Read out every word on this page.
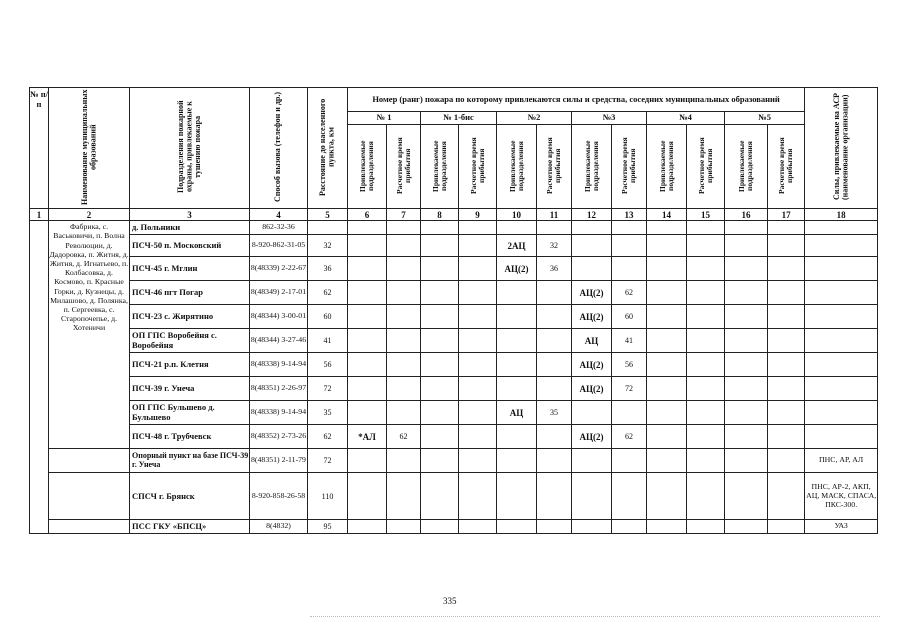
№ п/п	Наименование муниципальных образований	Подразделения пожарной охраны, привлекаемые к тушению пожара	Способ вызова (телефон и др.)	Расстояние до населенного пункта, км	Номер (ранг) пожара по которому привлекаются силы и средства, соседних муниципальных образований												Силы, привлекаемые на АСР (наименование организации)
					№ 1		№ 1-бис		№2		№3		№4		№5		
					Привлекаемые подразделения	Расчетное время прибытия	Привлекаемые подразделения	Расчетное время прибытия	Привлекаемые подразделения	Расчетное время прибытия	Привлекаемые подразделения	Расчетное время прибытия	Привлекаемые подразделения	Расчетное время прибытия	Привлекаемые подразделения	Расчетное время прибытия	
1	2	3	4	5	6	7	8	9	10	11	12	13	14	15	16	17	18
	Фабрика, с. Васьковичи, п. Волна Революции, д. Дадоровка, п. Житня, д. Житня, д. Игнатьево, п. Колбасовка, д. Космово, п. Красные Горки, д. Кузнецы, д. Милашово, д. Полянка, п. Сергеевка, с. Старопочепье, д. Хотеничи	д. Польники	862-32-36														
		ПСЧ-50 п. Московский	8-920-862-31-05	32					2АЦ	32							
		ПСЧ-45 г. Мглин	8(48339) 2-22-67	36					АЦ(2)	36							
		ПСЧ-46 пгт Погар	8(48349) 2-17-01	62							АЦ(2)	62					
		ПСЧ-23 с. Жирятино	8(48344) 3-00-01	60							АЦ(2)	60					
		ОП ГПС Воробейня с. Воробейня	8(48344) 3-27-46	41							АЦ	41					
		ПСЧ-21 р.п. Клетня	8(48338) 9-14-94	56							АЦ(2)	56					
		ПСЧ-39 г. Унеча	8(48351) 2-26-97	72							АЦ(2)	72					
		ОП ГПС Бульшево д. Бульшево	8(48338) 9-14-94	35					АЦ	35							
		ПСЧ-48 г. Трубчевск	8(48352) 2-73-26	62	*АЛ	62					АЦ(2)	62					
		Опорный пункт на базе ПСЧ-39 г. Унеча	8(48351) 2-11-79	72													ПНС, АР, АЛ
		СПСЧ г. Брянск	8-920-858-26-58	110													ПНС, АР-2, АКП, АЦ, МАСК, СПАСА, ПКС-300.
		ПСС ГКУ «БПСЦ»	8(4832)	95													УАЗ
335
